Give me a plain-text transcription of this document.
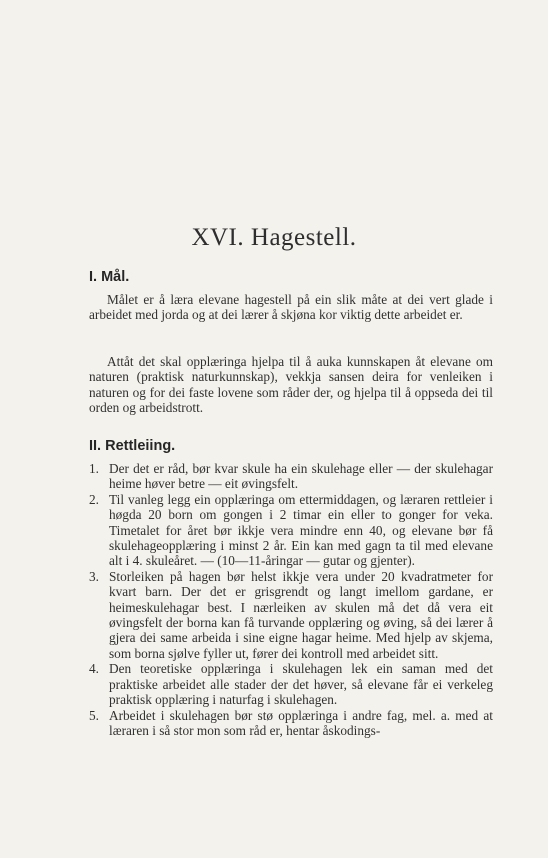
XVI. Hagestell.
I. Mål.

Målet er å læra elevane hagestell på ein slik måte at dei vert glade i arbeidet med jorda og at dei lærer å skjøna kor viktig dette arbeidet er.

Attåt det skal opplæringa hjelpa til å auka kunnskapen åt elevane om naturen (praktisk naturkunnskap), vekkja sansen deira for venleiken i naturen og for dei faste lovene som råder der, og hjelpa til å oppseda dei til orden og arbeidstrott.

II. Rettleiing.
1. Der det er råd, bør kvar skule ha ein skulehage eller — der skulehagar heime høver betre — eit øvingsfelt.
2. Til vanleg legg ein opplæringa om ettermiddagen, og læraren rettleier i høgda 20 born om gongen i 2 timar ein eller to gonger for veka. Timetalet for året bør ikkje vera mindre enn 40, og elevane bør få skulehageopplæring i minst 2 år. Ein kan med gagn ta til med elevane alt i 4. skuleåret. — (10—11-åringar — gutar og gjenter).
3. Storleiken på hagen bør helst ikkje vera under 20 kvadratmeter for kvart barn. Der det er grisgrendt og langt imellom gardane, er heimeskulehagar best. I nærleiken av skulen må det då vera eit øvingsfelt der borna kan få turvande opplæring og øving, så dei lærer å gjera dei same arbeida i sine eigne hagar heime. Med hjelp av skjema, som borna sjølve fyller ut, fører dei kontroll med arbeidet sitt.
4. Den teoretiske opplæringa i skulehagen lek ein saman med det praktiske arbeidet alle stader der det høver, så elevane får ei verkeleg praktisk opplæring i naturfag i skulehagen.
5. Arbeidet i skulehagen bør stø opplæringa i andre fag, mel. a. med at læraren i så stor mon som råd er, hentar åskodings-
